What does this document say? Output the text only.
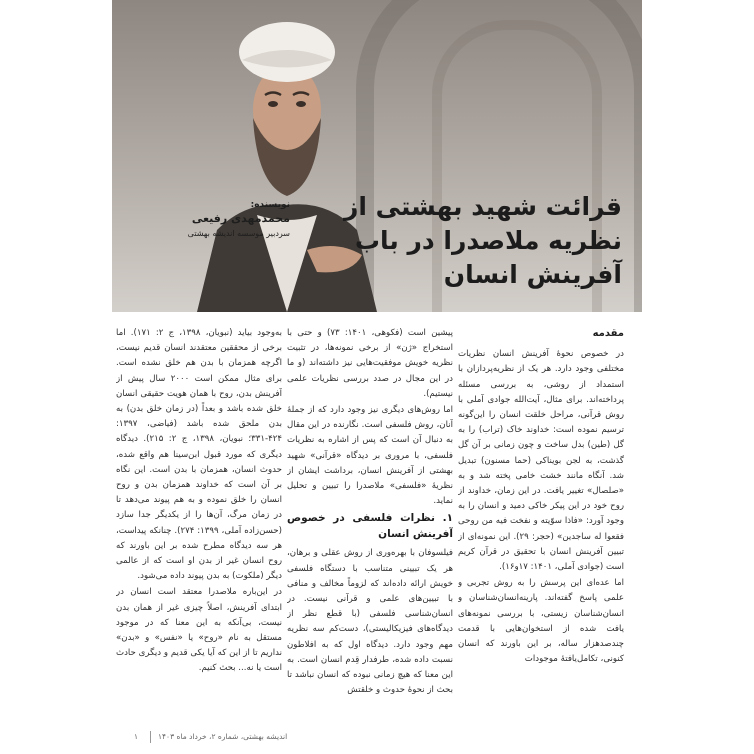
قرائت شهید بهشتی از نظریه ملاصدرا در باب آفرینش انسان
نویسنده:
محمدمهدی رفیعی
سردبیر موسسه اندیشه بهشتی
مقدمه

در خصوص نحوهٔ آفرینش انسان نظریات مختلفی وجود دارد. هر یک از نظریه‌پردازان با استمداد از روشی، به بررسی مسئله پرداخته‌اند. برای مثال، آیت‌الله جوادی آملی با روش قرآنی، مراحل خلقت انسان را این‌گونه ترسیم نموده است: خداوند خاک (تراب) را به گل (طین) بدل ساخت و چون زمانی بر آن گل گذشت، به لجن بویناکی (حما مسنون) تبدیل شد. آنگاه مانند خشت خامی پخته شد و به «صلصال» تغییر یافت. در این زمان، خداوند از روح خود در این پیکر خاکی دمید و انسان را به وجود آورد: «فاذا سوّیته و نفخت فیه من روحی فقعوا له ساجدین» (حجر: ۲۹). این نمونه‌ای از تبیین آفرینش انسان با تحقیق در قرآن کریم است (جوادی آملی، ۱۴۰۱: ۱۷و۱۶).

اما عده‌ای این پرسش را به روش تجربی و علمی پاسخ گفته‌اند. پارینه‌انسان‌شناسان و انسان‌شناسان زیستی، با بررسی نمونه‌های یافت شده از استخوان‌هایی با قدمت چندصدهزار ساله، بر این باورند که انسان کنونی، تکامل‌یافتهٔ موجودات

پیشین است (فکوهی، ۱۴۰۱: ۷۳) و حتی با استخراج «ژن» از برخی نمونه‌ها، در تثبیت نظریه خویش موفقیت‌هایی نیز داشته‌اند (و ما در این مجال در صدد بررسی نظریات علمی نیستیم).

اما روش‌های دیگری نیز وجود دارد که از جملهٔ آنان، روش فلسفی است. نگارنده در این مقال به دنبال آن است که پس از اشاره به نظریات فلسفی، با مروری بر دیدگاه «قرآنی» شهید بهشتی از آفرینش انسان، برداشت ایشان از نظریهٔ «فلسفی» ملاصدرا را تبیین و تحلیل نماید.

۱. نظرات فلسفی در خصوص آفرینش انسان

فیلسوفان با بهره‌وری از روش عقلی و برهان، هر یک تبیینی متناسب با دستگاه فلسفی خویش ارائه داده‌اند که لزوماً مخالف و منافی با تبیین‌های علمی و قرآنی نیست. در انسان‌شناسی فلسفی (با قطع نظر از دیدگاه‌های فیزیکالیستی)، دست‌کم سه نظریه مهم وجود دارد. دیدگاه اول که به افلاطون نسبت داده شده، طرفدار قِدم انسان است. به این معنا که هیچ زمانی نبوده که انسان نباشد تا بحث از نحوهٔ حدوث و خلقتش

به‌وجود بیاید (نبویان، ۱۳۹۸، ج ۲: ۱۷۱). اما برخی از محققین معتقدند انسان قدیم نیست، اگرچه همزمان با بدن هم خلق نشده است. برای مثال ممکن است ۲۰۰۰ سال پیش از آفرینش بدن، روح با همان هویت حقیقی انسان خلق شده باشد و بعداً (در زمان خلق بدن) به بدن ملحق شده باشد (فیاضی، ۱۳۹۷: ۴۲۴-۳۳۱؛ نبویان، ۱۳۹۸، ج ۲: ۲۱۵). دیدگاه دیگری که مورد قبول ابن‌سینا هم واقع شده، حدوث انسان، همزمان با بدن است. این نگاه بر آن است که خداوند همزمان بدن و روح انسان را خلق نموده و به هم پیوند می‌دهد تا در زمان مرگ، آن‌ها را از یکدیگر جدا سازد (حسن‌زاده آملی، ۱۳۹۹: ۲۷۴). چنانکه پیداست، هر سه دیدگاه مطرح شده بر این باورند که روح انسان غیر از بدن او است که از عالمی دیگر (ملکوت) به بدن پیوند داده می‌شود.

در این‌باره ملاصدرا معتقد است انسان در ابتدای آفرینش، اصلاً چیزی غیر از همان بدن نیست، بی‌آنکه به این معنا که در موجود مستقل به نام «روح» یا «نفس» و «بدن» نداریم تا از این که آیا یکی قدیم و دیگری حادث است یا نه... بحث کنیم.

۱	اندیشه بهشتی، شماره ۲، خرداد ماه ۱۴۰۳
